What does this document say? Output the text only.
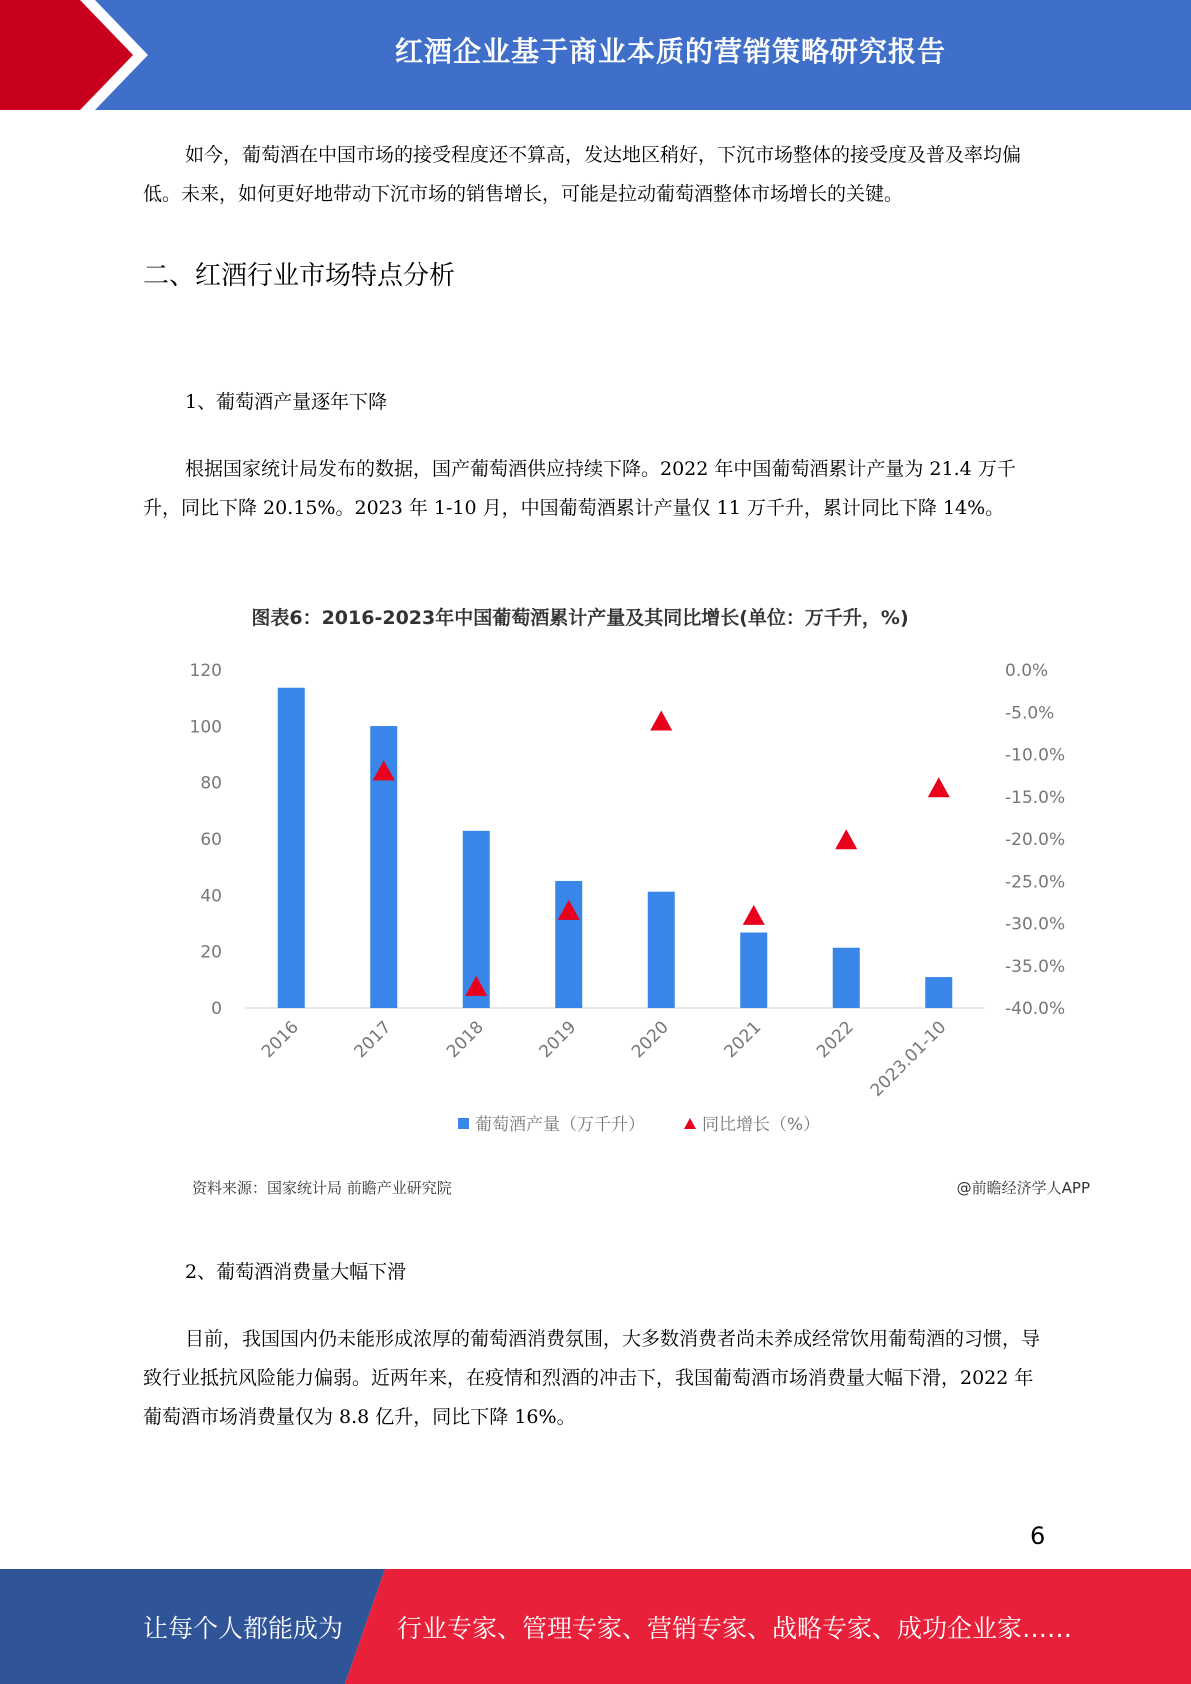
红酒企业基于商业本质的营销策略研究报告

如今，葡萄酒在中国市场的接受程度还不算高，发达地区稍好，下沉市场整体的接受度及普及率均偏低。未来，如何更好地带动下沉市场的销售增长，可能是拉动葡萄酒整体市场增长的关键。

二、红酒行业市场特点分析

1、葡萄酒产量逐年下降

根据国家统计局发布的数据，国产葡萄酒供应持续下降。2022 年中国葡萄酒累计产量为 21.4 万千升，同比下降 20.15%。2023 年 1-10 月，中国葡萄酒累计产量仅 11 万千升，累计同比下降 14%。

图表6：2016-2023年中国葡萄酒累计产量及其同比增长(单位：万千升，%)
120
100
80
60
40
20
0
0.0%
-5.0%
-10.0%
-15.0%
-20.0%
-25.0%
-30.0%
-35.0%
-40.0%
2016	2017	2018	2019	2020	2021	2022 2023.01-10
葡萄酒产量（万千升）	同比增长（%）
资料来源：国家统计局 前瞻产业研究院	@前瞻经济学人APP

2、葡萄酒消费量大幅下滑

目前，我国国内仍未能形成浓厚的葡萄酒消费氛围，大多数消费者尚未养成经常饮用葡萄酒的习惯，导致行业抵抗风险能力偏弱。近两年来，在疫情和烈酒的冲击下，我国葡萄酒市场消费量大幅下滑，2022 年葡萄酒市场消费量仅为 8.8 亿升，同比下降 16%。

6
让每个人都能成为 行业专家、管理专家、营销专家、战略专家、成功企业家……
